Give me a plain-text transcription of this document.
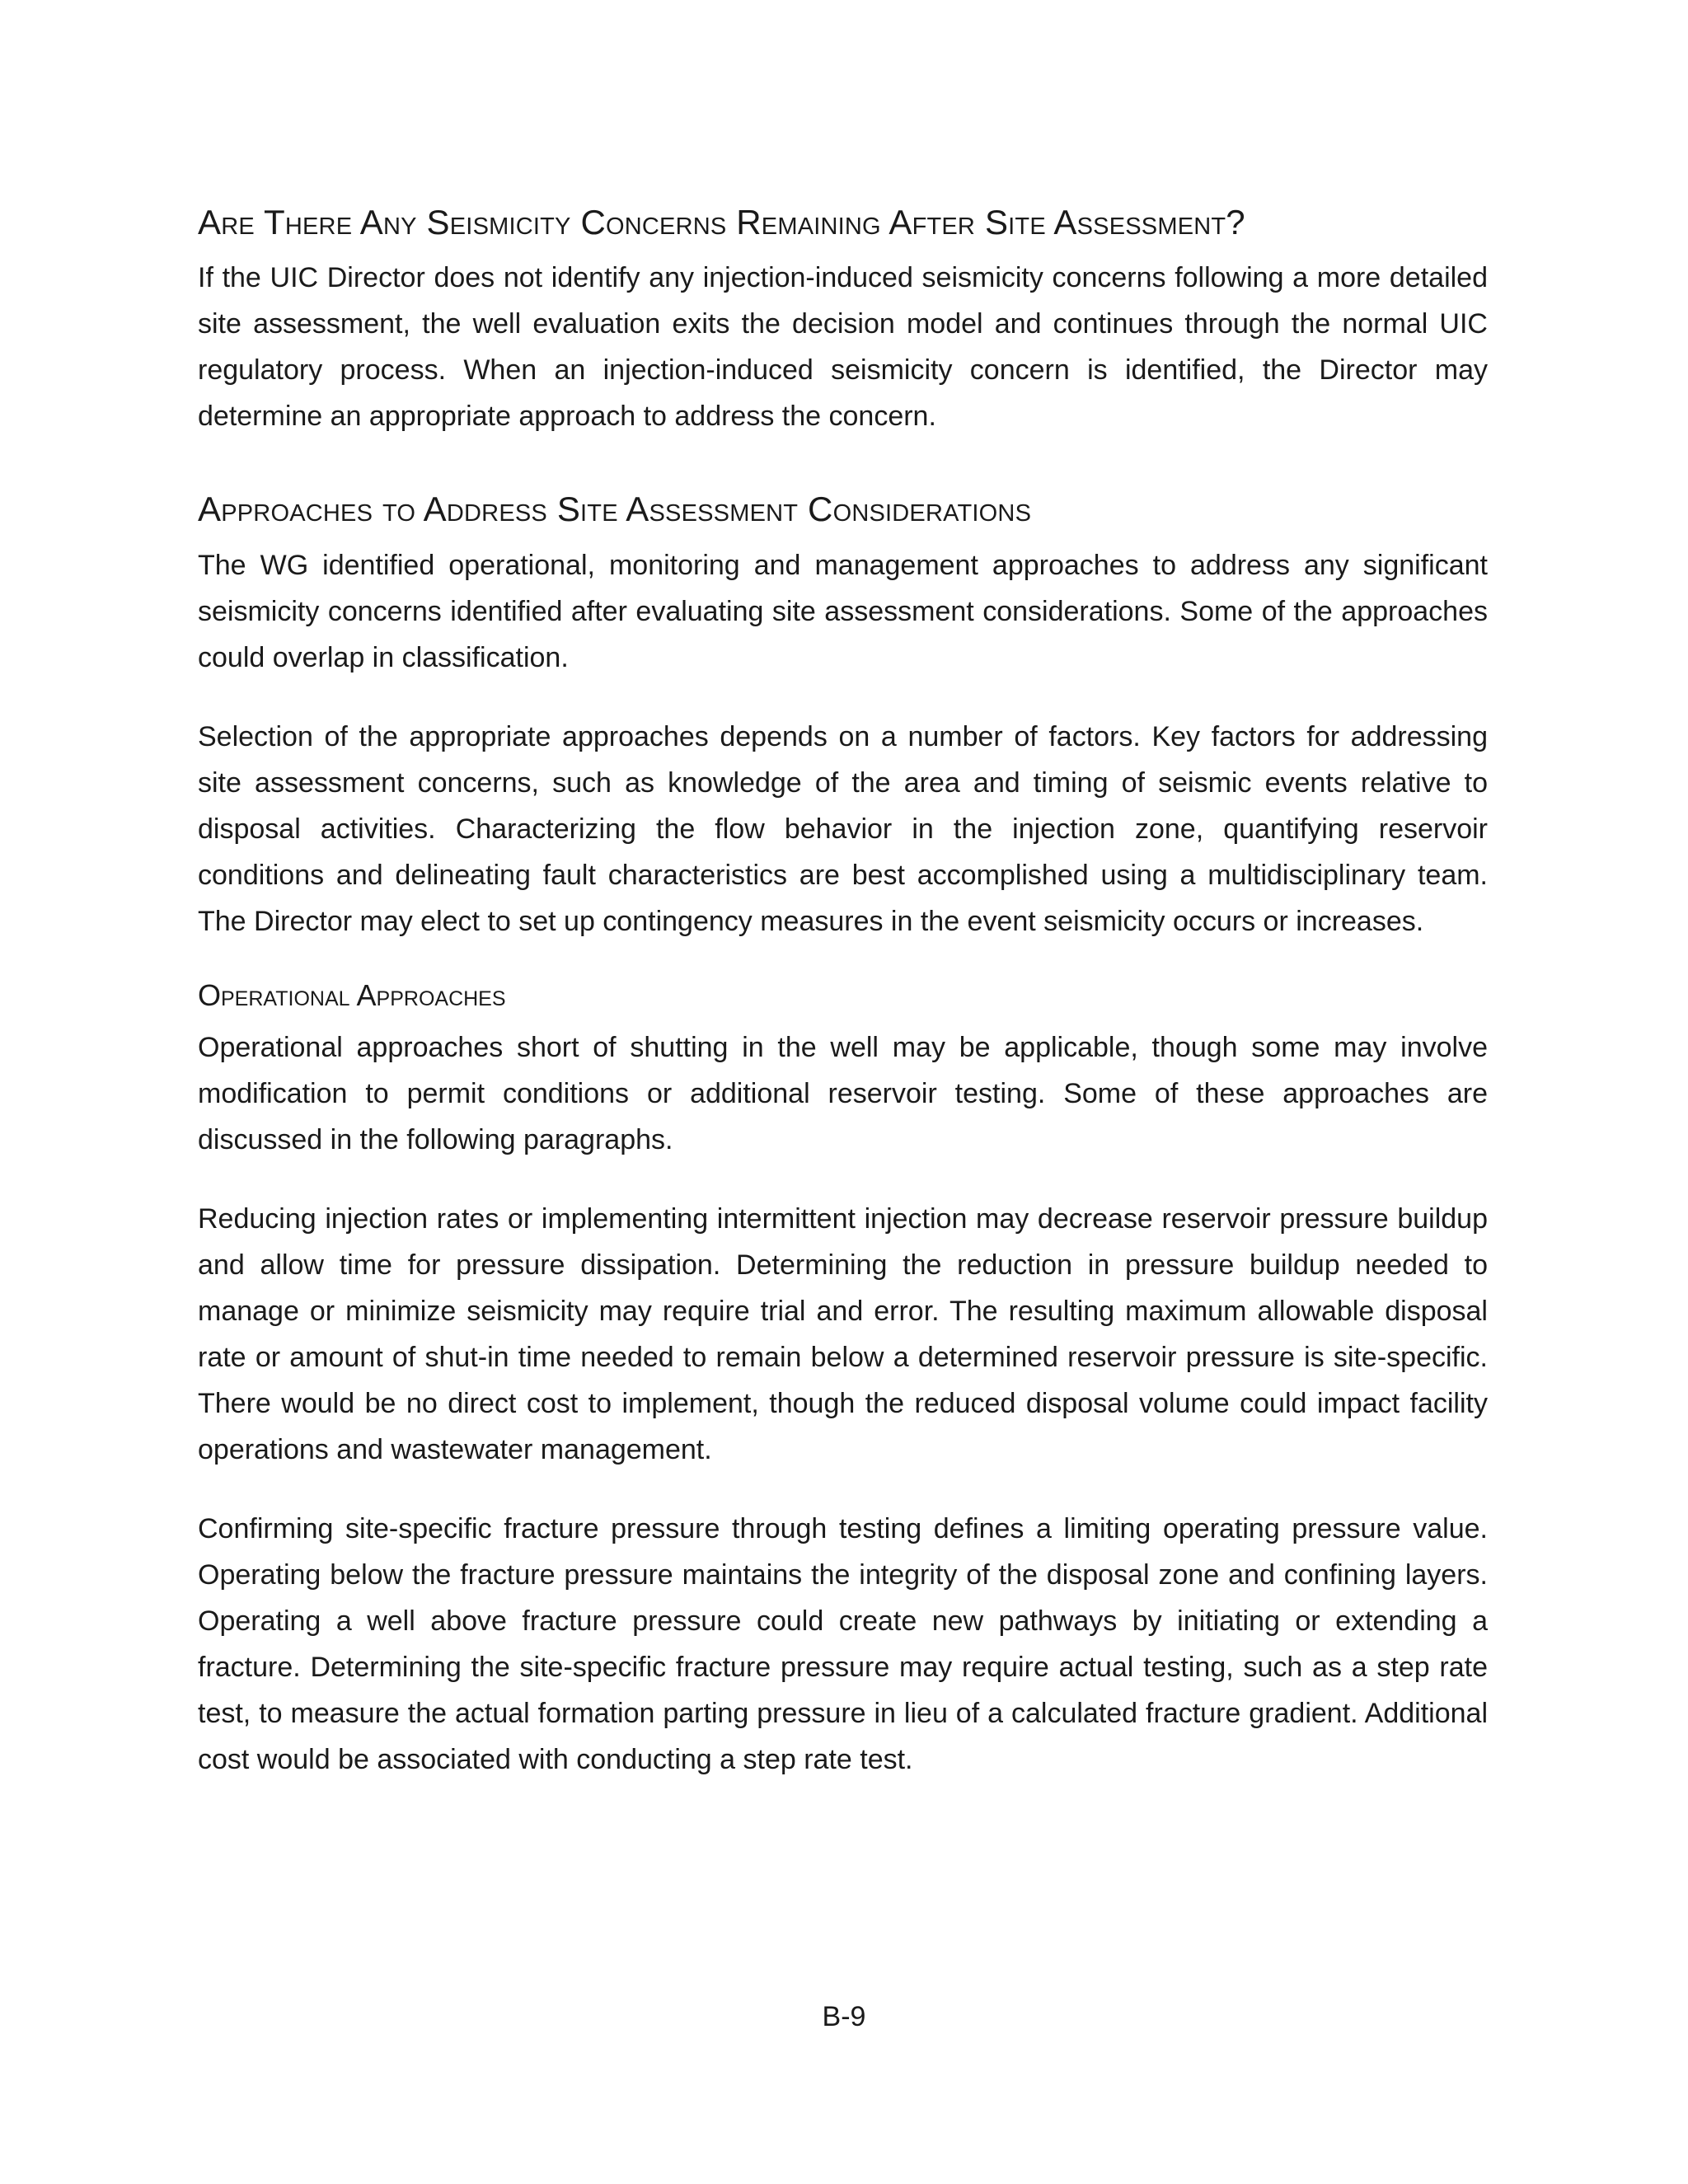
Are There Any Seismicity Concerns Remaining After Site Assessment?

If the UIC Director does not identify any injection-induced seismicity concerns following a more detailed site assessment, the well evaluation exits the decision model and continues through the normal UIC regulatory process. When an injection-induced seismicity concern is identified, the Director may determine an appropriate approach to address the concern.

Approaches to Address Site Assessment Considerations

The WG identified operational, monitoring and management approaches to address any significant seismicity concerns identified after evaluating site assessment considerations. Some of the approaches could overlap in classification.

Selection of the appropriate approaches depends on a number of factors. Key factors for addressing site assessment concerns, such as knowledge of the area and timing of seismic events relative to disposal activities. Characterizing the flow behavior in the injection zone, quantifying reservoir conditions and delineating fault characteristics are best accomplished using a multidisciplinary team. The Director may elect to set up contingency measures in the event seismicity occurs or increases.

Operational Approaches

Operational approaches short of shutting in the well may be applicable, though some may involve modification to permit conditions or additional reservoir testing. Some of these approaches are discussed in the following paragraphs.

Reducing injection rates or implementing intermittent injection may decrease reservoir pressure buildup and allow time for pressure dissipation. Determining the reduction in pressure buildup needed to manage or minimize seismicity may require trial and error. The resulting maximum allowable disposal rate or amount of shut-in time needed to remain below a determined reservoir pressure is site-specific. There would be no direct cost to implement, though the reduced disposal volume could impact facility operations and wastewater management.

Confirming site-specific fracture pressure through testing defines a limiting operating pressure value. Operating below the fracture pressure maintains the integrity of the disposal zone and confining layers. Operating a well above fracture pressure could create new pathways by initiating or extending a fracture. Determining the site-specific fracture pressure may require actual testing, such as a step rate test, to measure the actual formation parting pressure in lieu of a calculated fracture gradient. Additional cost would be associated with conducting a step rate test.

B-9
